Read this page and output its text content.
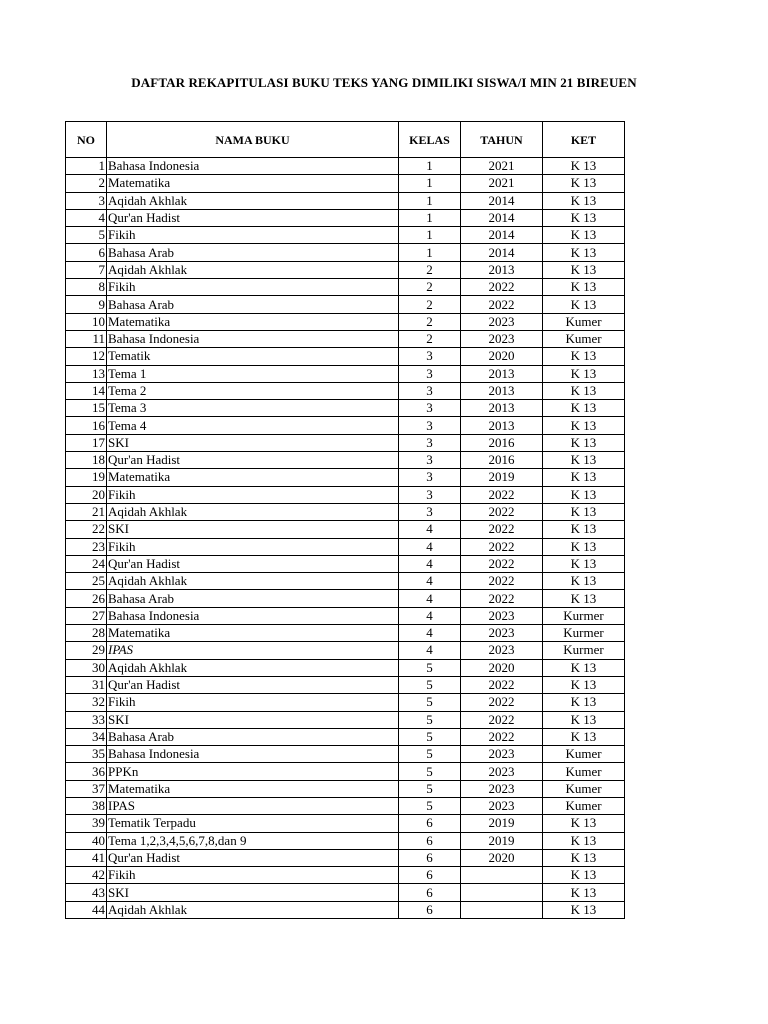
DAFTAR REKAPITULASI BUKU TEKS YANG DIMILIKI SISWA/I MIN 21 BIREUEN
NO	NAMA BUKU	KELAS	TAHUN	KET
1	Bahasa Indonesia	1	2021	K 13
2	Matematika	1	2021	K 13
3	Aqidah Akhlak	1	2014	K 13
4	Qur'an Hadist	1	2014	K 13
5	Fikih	1	2014	K 13
6	Bahasa Arab	1	2014	K 13
7	Aqidah Akhlak	2	2013	K 13
8	Fikih	2	2022	K 13
9	Bahasa Arab	2	2022	K 13
10	Matematika	2	2023	Kumer
11	Bahasa Indonesia	2	2023	Kumer
12	Tematik	3	2020	K 13
13	Tema 1	3	2013	K 13
14	Tema 2	3	2013	K 13
15	Tema 3	3	2013	K 13
16	Tema 4	3	2013	K 13
17	SKI	3	2016	K 13
18	Qur'an Hadist	3	2016	K 13
19	Matematika	3	2019	K 13
20	Fikih	3	2022	K 13
21	Aqidah Akhlak	3	2022	K 13
22	SKI	4	2022	K 13
23	Fikih	4	2022	K 13
24	Qur'an Hadist	4	2022	K 13
25	Aqidah Akhlak	4	2022	K 13
26	Bahasa Arab	4	2022	K 13
27	Bahasa Indonesia	4	2023	Kurmer
28	Matematika	4	2023	Kurmer
29	IPAS	4	2023	Kurmer
30	Aqidah Akhlak	5	2020	K 13
31	Qur'an Hadist	5	2022	K 13
32	Fikih	5	2022	K 13
33	SKI	5	2022	K 13
34	Bahasa Arab	5	2022	K 13
35	Bahasa Indonesia	5	2023	Kumer
36	PPKn	5	2023	Kumer
37	Matematika	5	2023	Kumer
38	IPAS	5	2023	Kumer
39	Tematik Terpadu	6	2019	K 13
40	Tema 1,2,3,4,5,6,7,8,dan 9	6	2019	K 13
41	Qur'an Hadist	6	2020	K 13
42	Fikih	6		K 13
43	SKI	6		K 13
44	Aqidah Akhlak	6		K 13
